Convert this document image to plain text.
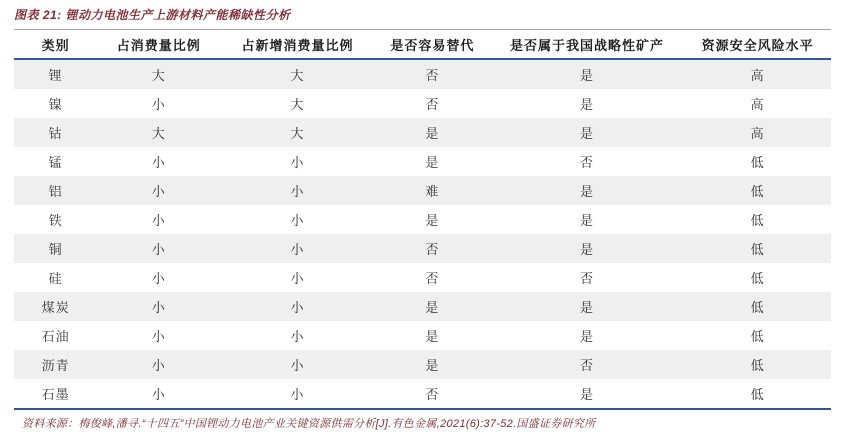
图表 21: 锂动力电池生产上游材料产能稀缺性分析
类别	占消费量比例	占新增消费量比例	是否容易替代	是否属于我国战略性矿产	资源安全风险水平
锂	大	大	否	是	高
镍	小	大	否	是	高
钴	大	大	是	是	高
锰	小	小	是	否	低
铝	小	小	难	是	低
铁	小	小	是	是	低
铜	小	小	否	是	低
硅	小	小	否	否	低
煤炭	小	小	是	是	低
石油	小	小	是	是	低
沥青	小	小	是	否	低
石墨	小	小	否	是	低
资料来源：梅俊峰,潘寻.“十四五”中国锂动力电池产业关键资源供需分析[J].有色金属,2021(6):37-52.国盛证券研究所
